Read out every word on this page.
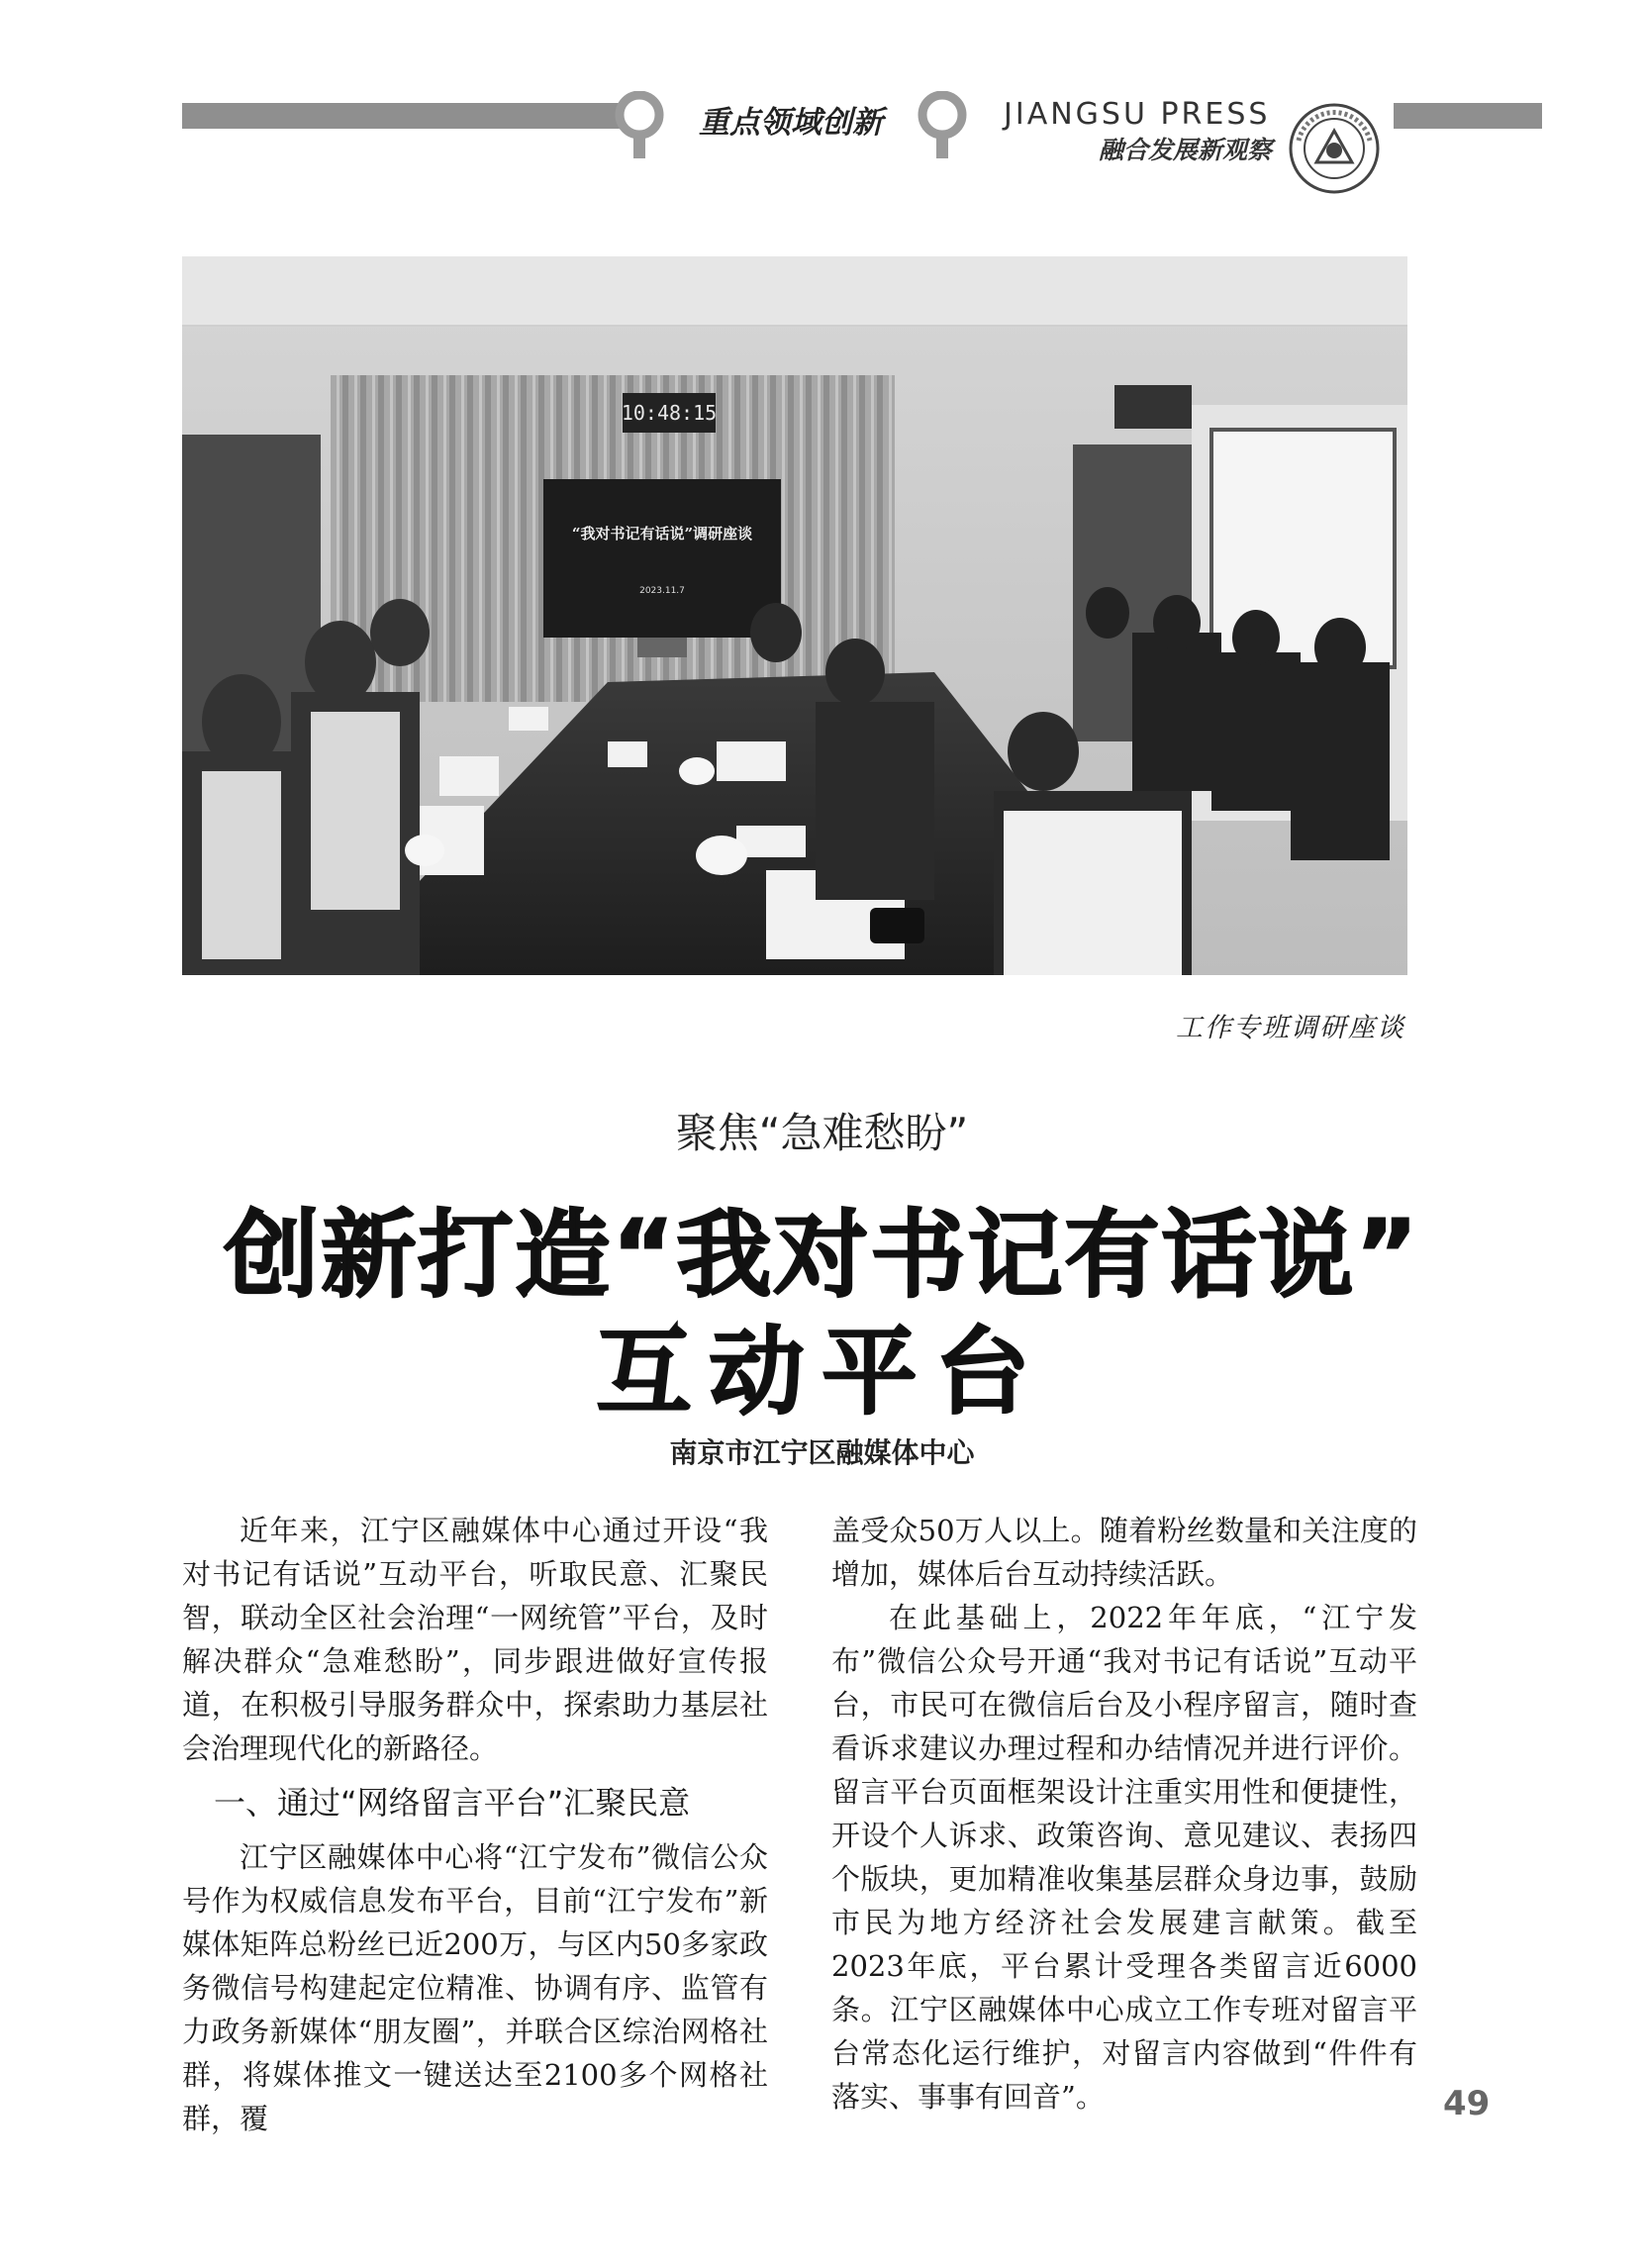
重点领域创新	JIANGSU PRESS
融合发展新观察
10:48:15
“我对书记有话说”调研座谈
2023.11.7
工作专班调研座谈
聚焦“急难愁盼”
创新打造“我对书记有话说”
互动平台
南京市江宁区融媒体中心

近年来，江宁区融媒体中心通过开设“我对书记有话说”互动平台，听取民意、汇聚民智，联动全区社会治理“一网统管”平台，及时解决群众“急难愁盼”，同步跟进做好宣传报道，在积极引导服务群众中，探索助力基层社会治理现代化的新路径。

一、通过“网络留言平台”汇聚民意

江宁区融媒体中心将“江宁发布”微信公众号作为权威信息发布平台，目前“江宁发布”新媒体矩阵总粉丝已近200万，与区内50多家政务微信号构建起定位精准、协调有序、监管有力政务新媒体“朋友圈”，并联合区综治网格社群，将媒体推文一键送达至2100多个网格社群，覆

盖受众50万人以上。随着粉丝数量和关注度的增加，媒体后台互动持续活跃。

在此基础上，2022年年底，“江宁发布”微信公众号开通“我对书记有话说”互动平台，市民可在微信后台及小程序留言，随时查看诉求建议办理过程和办结情况并进行评价。留言平台页面框架设计注重实用性和便捷性，开设个人诉求、政策咨询、意见建议、表扬四个版块，更加精准收集基层群众身边事，鼓励市民为地方经济社会发展建言献策。截至2023年底，平台累计受理各类留言近6000条。江宁区融媒体中心成立工作专班对留言平台常态化运行维护，对留言内容做到“件件有落实、事事有回音”。	49
